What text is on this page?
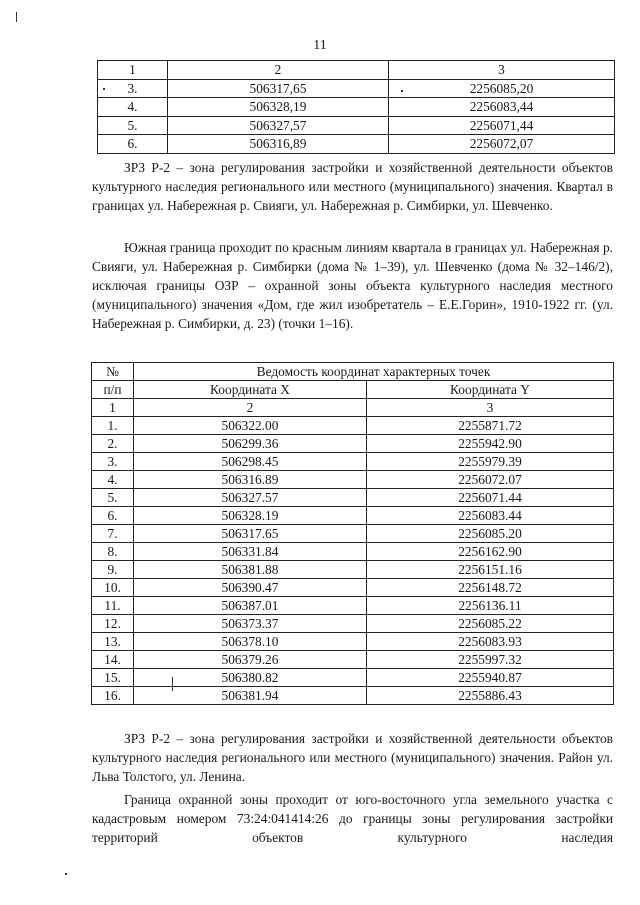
11
1	2	3
3.	506317,65	2256085,20
4.	506328,19	2256083,44
5.	506327,57	2256071,44
6.	506316,89	2256072,07

ЗРЗ Р-2 – зона регулирования застройки и хозяйственной деятельности объектов культурного наследия регионального или местного (муниципального) значения. Квартал в границах ул. Набережная р. Свияги, ул. Набережная р. Симбирки, ул. Шевченко.

Южная граница проходит по красным линиям квартала в границах ул. Набережная р. Свияги, ул. Набережная р. Симбирки (дома № 1–39), ул. Шевченко (дома № 32–146/2), исключая границы ОЗР – охранной зоны объекта культурного наследия местного (муниципального) значения «Дом, где жил изобретатель – Е.Е.Горин», 1910-1922 гг. (ул. Набережная р. Симбирки, д. 23) (точки 1–16).

№	Ведомость координат характерных точек	
п/п	Координата X	Координата Y
1	2	3
1.	506322.00	2255871.72
2.	506299.36	2255942.90
3.	506298.45	2255979.39
4.	506316.89	2256072.07
5.	506327.57	2256071.44
6.	506328.19	2256083.44
7.	506317.65	2256085.20
8.	506331.84	2256162.90
9.	506381.88	2256151.16
10.	506390.47	2256148.72
11.	506387.01	2256136.11
12.	506373.37	2256085.22
13.	506378.10	2256083.93
14.	506379.26	2255997.32
15.	506380.82	2255940.87
16.	506381.94	2255886.43

ЗРЗ Р-2 – зона регулирования застройки и хозяйственной деятельности объектов культурного наследия регионального или местного (муниципального) значения. Район ул. Льва Толстого, ул. Ленина.

Граница охранной зоны проходит от юго-восточного угла земельного участка с кадастровым номером 73:24:041414:26 до границы зоны регулирования застройки территорий объектов культурного наследия
